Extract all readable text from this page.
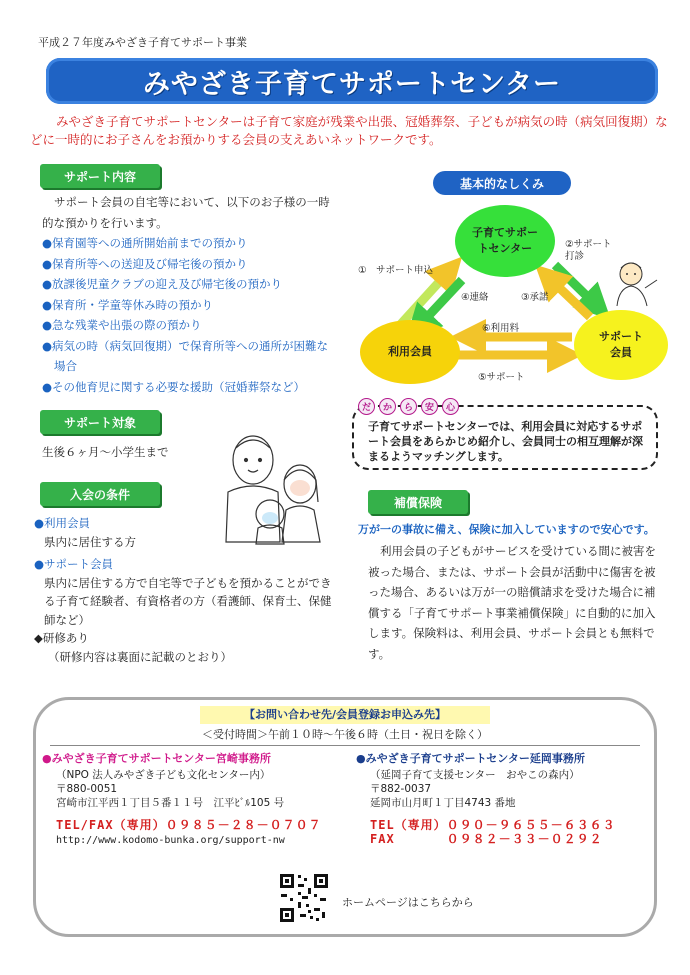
平成２７年度みやざき子育てサポート事業
みやざき子育てサポートセンター

みやざき子育てサポートセンターは子育て家庭が残業や出張、冠婚葬祭、子どもが病気の時（病気回復期）などに一時的にお子さんをお預かりする会員の支えあいネットワークです。

サポート内容
サポート会員の自宅等において、以下のお子様の一時的な預かりを行います。
● 保育園等への通所開始前までの預かり
● 保育所等への送迎及び帰宅後の預かり
● 放課後児童クラブの迎え及び帰宅後の預かり
● 保育所・学童等休み時の預かり
● 急な残業や出張の際の預かり
● 病気の時（病気回復期）で保育所等への通所が困難な場合
● その他育児に関する必要な援助（冠婚葬祭など）
サポート対象
生後６ヶ月～小学生まで
入会の条件
● 利用会員
県内に居住する方
● サポート会員
県内に居住する方で自宅等で子どもを預かることができる子育て経験者、有資格者の方（看護師、保育士、保健師など）
◆研修あり
（研修内容は裏面に記載のとおり）
基本的なしくみ
子育てサポートセンター
利用会員
サポート会員
①　サポート申込
②サポート打診
③承諾
④連絡
⑥利用料
⑤サポート
だ	か	ら	安	心
子育てサポートセンターでは、利用会員に対応するサポート会員をあらかじめ紹介し、会員同士の相互理解が深まるようマッチングします。
補償保険
万が一の事故に備え、保険に加入していますので安心です。
利用会員の子どもがサービスを受けている間に被害を被った場合、または、サポート会員が活動中に傷害を被った場合、あるいは万が一の賠償請求を受けた場合に補償する「子育てサポート事業補償保険」に自動的に加入します。保険料は、利用会員、サポート会員とも無料です。
【お問い合わせ先/会員登録お申込み先】
＜受付時間＞午前１０時～午後６時（土日・祝日を除く）
●みやざき子育てサポートセンター宮崎事務所
（NPO 法人みやざき子ども文化センター内）
〒880-0051
宮崎市江平西１丁目５番１１号　江平ﾋﾞﾙ105 号
TEL/FAX（専用）０９８５－２８－０７０７
http://www.kodomo-bunka.org/support-nw
●みやざき子育てサポートセンター延岡事務所
（延岡子育て支援センター　おやこの森内）
〒882-0037
延岡市山月町１丁目4743 番地
TEL（専用）０９０－９６５５－６３６３
FAX　　　　０９８２－３３－０２９２
ホームページはこちらから
